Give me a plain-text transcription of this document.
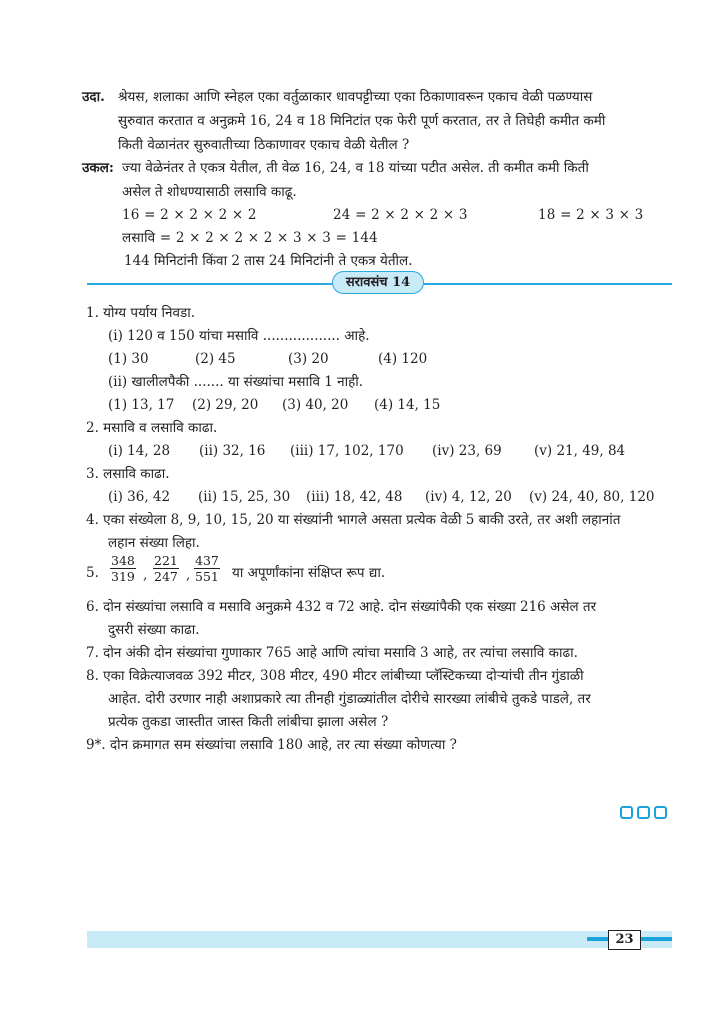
उदा. श्रेयस, शलाका आणि स्नेहल एका वर्तुळाकार धावपट्टीच्या एका ठिकाणावरून एकाच वेळी पळण्यास
सुरुवात करतात व अनुक्रमे 16, 24 व 18 मिनिटांत एक फेरी पूर्ण करतात, तर ते तिघेही कमीत कमी
किती वेळानंतर सुरुवातीच्या ठिकाणावर एकाच वेळी येतील ?
उकल: ज्या वेळेनंतर ते एकत्र येतील, ती वेळ 16, 24, व 18 यांच्या पटीत असेल. ती कमीत कमी किती
असेल ते शोधण्यासाठी लसावि काढू.
16 = 2 × 2 × 2 × 2	24 = 2 × 2 × 2 × 3	18 = 2 × 3 × 3
लसावि = 2 × 2 × 2 × 2 × 3 × 3 = 144
144 मिनिटांनी किंवा 2 तास 24 मिनिटांनी ते एकत्र येतील.
सरावसंच 14
1. योग्य पर्याय निवडा.
(i) 120 व 150 यांचा मसावि .................. आहे.
(1) 30	(2) 45	(3) 20	(4) 120
(ii) खालीलपैकी ....... या संख्यांचा मसावि 1 नाही.
(1) 13, 17 (2) 29, 20 (3) 40, 20 (4) 14, 15
2. मसावि व लसावि काढा.
(i) 14, 28 (ii) 32, 16 (iii) 17, 102, 170 (iv) 23, 69 (v) 21, 49, 84
3. लसावि काढा.
(i) 36, 42 (ii) 15, 25, 30 (iii) 18, 42, 48 (iv) 4, 12, 20 (v) 24, 40, 80, 120
4. एका संख्येला 8, 9, 10, 15, 20 या संख्यांनी भागले असता प्रत्येक वेळी 5 बाकी उरते, तर अशी लहानांत
लहान संख्या लिहा.
5. $\frac{348}{319}$ , $\frac{221}{247}$ , $\frac{437}{551}$ या अपूर्णांकांना संक्षिप्त रूप द्या.
6. दोन संख्यांचा लसावि व मसावि अनुक्रमे 432 व 72 आहे. दोन संख्यांपैकी एक संख्या 216 असेल तर
दुसरी संख्या काढा.
7. दोन अंकी दोन संख्यांचा गुणाकार 765 आहे आणि त्यांचा मसावि 3 आहे, तर त्यांचा लसावि काढा.
8. एका विक्रेत्याजवळ 392 मीटर, 308 मीटर, 490 मीटर लांबीच्या प्लॅस्टिकच्या दोऱ्यांची तीन गुंडाळी
आहेत. दोरी उरणार नाही अशाप्रकारे त्या तीनही गुंडाळ्यांतील दोरीचे सारख्या लांबीचे तुकडे पाडले, तर
प्रत्येक तुकडा जास्तीत जास्त किती लांबीचा झाला असेल ?
9*. दोन क्रमागत सम संख्यांचा लसावि 180 आहे, तर त्या संख्या कोणत्या ?
23
